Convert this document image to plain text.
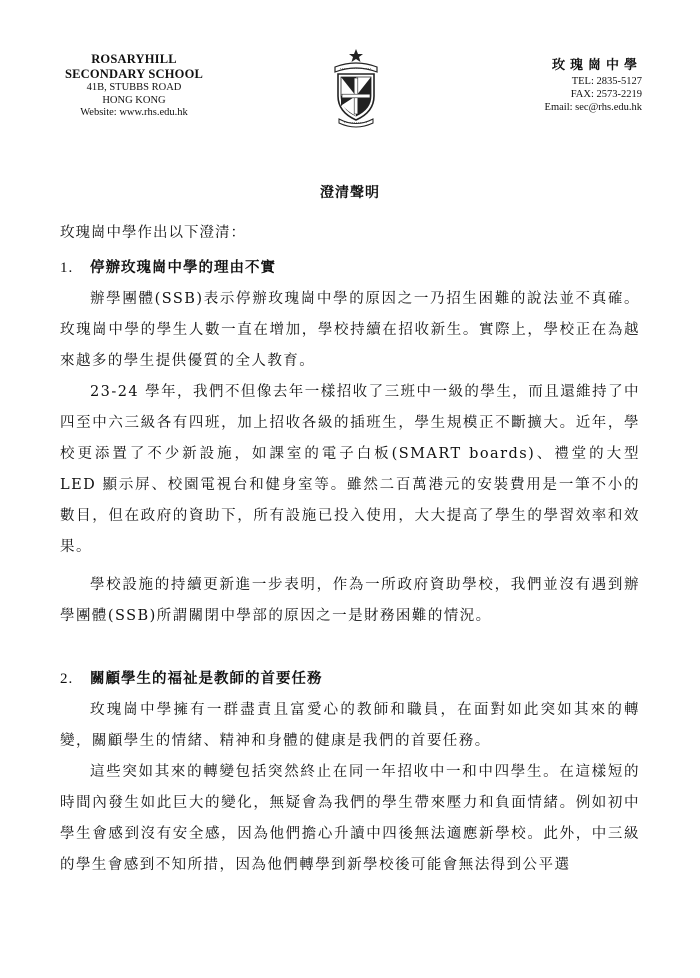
ROSARYHILL
SECONDARY SCHOOL
41B, STUBBS ROAD
HONG KONG
Website: www.rhs.edu.hk
玫瑰崗中學
TEL: 2835-5127
FAX: 2573-2219
Email: sec@rhs.edu.hk
澄清聲明
玫瑰崗中學作出以下澄清：
1. 停辦玫瑰崗中學的理由不實
辦學團體(SSB)表示停辦玫瑰崗中學的原因之一乃招生困難的說法並不真確。玫瑰崗中學的學生人數一直在增加，學校持續在招收新生。實際上，學校正在為越來越多的學生提供優質的全人教育。
23-24 學年，我們不但像去年一樣招收了三班中一級的學生，而且還維持了中四至中六三級各有四班，加上招收各級的插班生，學生規模正不斷擴大。近年，學校更添置了不少新設施，如課室的電子白板(SMART boards)、禮堂的大型 LED 顯示屏、校園電視台和健身室等。雖然二百萬港元的安裝費用是一筆不小的數目，但在政府的資助下，所有設施已投入使用，大大提高了學生的學習效率和效果。
學校設施的持續更新進一步表明，作為一所政府資助學校，我們並沒有遇到辦學團體(SSB)所謂關閉中學部的原因之一是財務困難的情況。
2. 關顧學生的福祉是教師的首要任務
玫瑰崗中學擁有一群盡責且富愛心的教師和職員，在面對如此突如其來的轉變，關顧學生的情緒、精神和身體的健康是我們的首要任務。
這些突如其來的轉變包括突然終止在同一年招收中一和中四學生。在這樣短的時間內發生如此巨大的變化，無疑會為我們的學生帶來壓力和負面情緒。例如初中學生會感到沒有安全感，因為他們擔心升讀中四後無法適應新學校。此外，中三級的學生會感到不知所措，因為他們轉學到新學校後可能會無法得到公平選
